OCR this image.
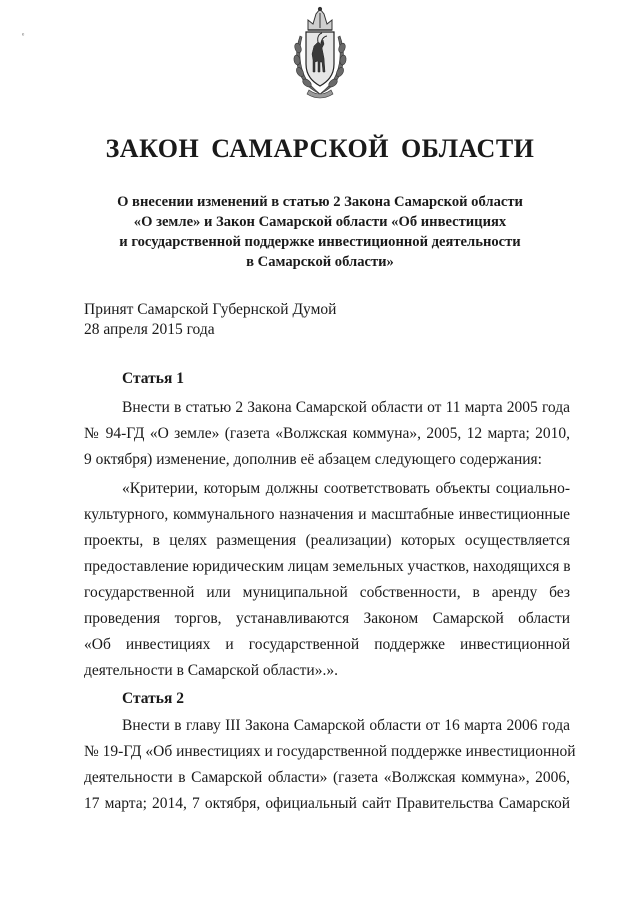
ᵉ
ЗАКОН САМАРСКОЙ ОБЛАСТИ
О внесении изменений в статью 2 Закона Самарской области
«О земле» и Закон Самарской области «Об инвестициях
и государственной поддержке инвестиционной деятельности
в Самарской области»
Принят Самарской Губернской Думой
28 апреля 2015 года
Статья 1
Внести в статью 2 Закона Самарской области от 11 марта 2005 года
№ 94-ГД «О земле» (газета «Волжская коммуна», 2005, 12 марта; 2010,
9 октября) изменение, дополнив её абзацем следующего содержания:
«Критерии, которым должны соответствовать объекты социально-
культурного, коммунального назначения и масштабные инвестиционные
проекты, в целях размещения (реализации) которых осуществляется
предоставление юридическим лицам земельных участков, находящихся в
государственной или муниципальной собственности, в аренду без
проведения торгов, устанавливаются Законом Самарской области
«Об инвестициях и государственной поддержке инвестиционной
деятельности в Самарской области».».
Статья 2
Внести в главу III Закона Самарской области от 16 марта 2006 года
№ 19-ГД «Об инвестициях и государственной поддержке инвестиционной
деятельности в Самарской области» (газета «Волжская коммуна», 2006,
17 марта; 2014, 7 октября, официальный сайт Правительства Самарской
